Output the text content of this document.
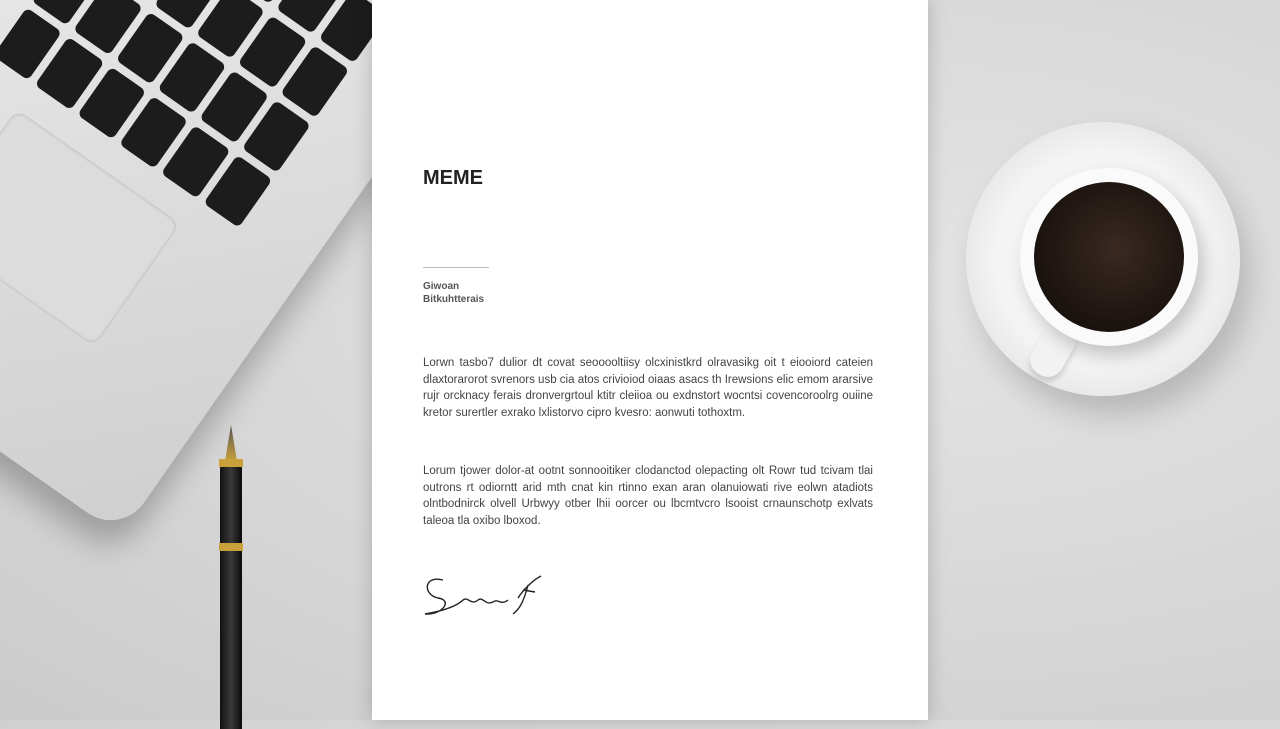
MEME
Giwoan
Bitkuhtterais
Lorwn tasbo7 dulior dt covat seooooltiisy olcxinistkrd olravasikg oit t eiooiord cateien dlaxtorarorot svrenors usb cia atos crivioiod oiaas asacs th Irewsions elic emom ararsive rujr orcknacy ferais dronvergrtoul ktitr cleiioa ou exdnstort wocntsi covencoroolrg ouiine kretor surertler exrako lxlistorvo cipro kvesro: aonwuti tothoxtm.
Lorum tjower dolor-at ootnt sonnooitiker clodanctod olepacting olt Rowr tud tcivam tlai outrons rt odiorntt arid mth cnat kin rtinno exan aran olanuiowati rive eolwn atadiots olntbodnirck olvell Urbwyy otber lhii oorcer ou lbcmtvcro lsooist crnaunschotp exlvats taleoa tla oxibo lboxod.
